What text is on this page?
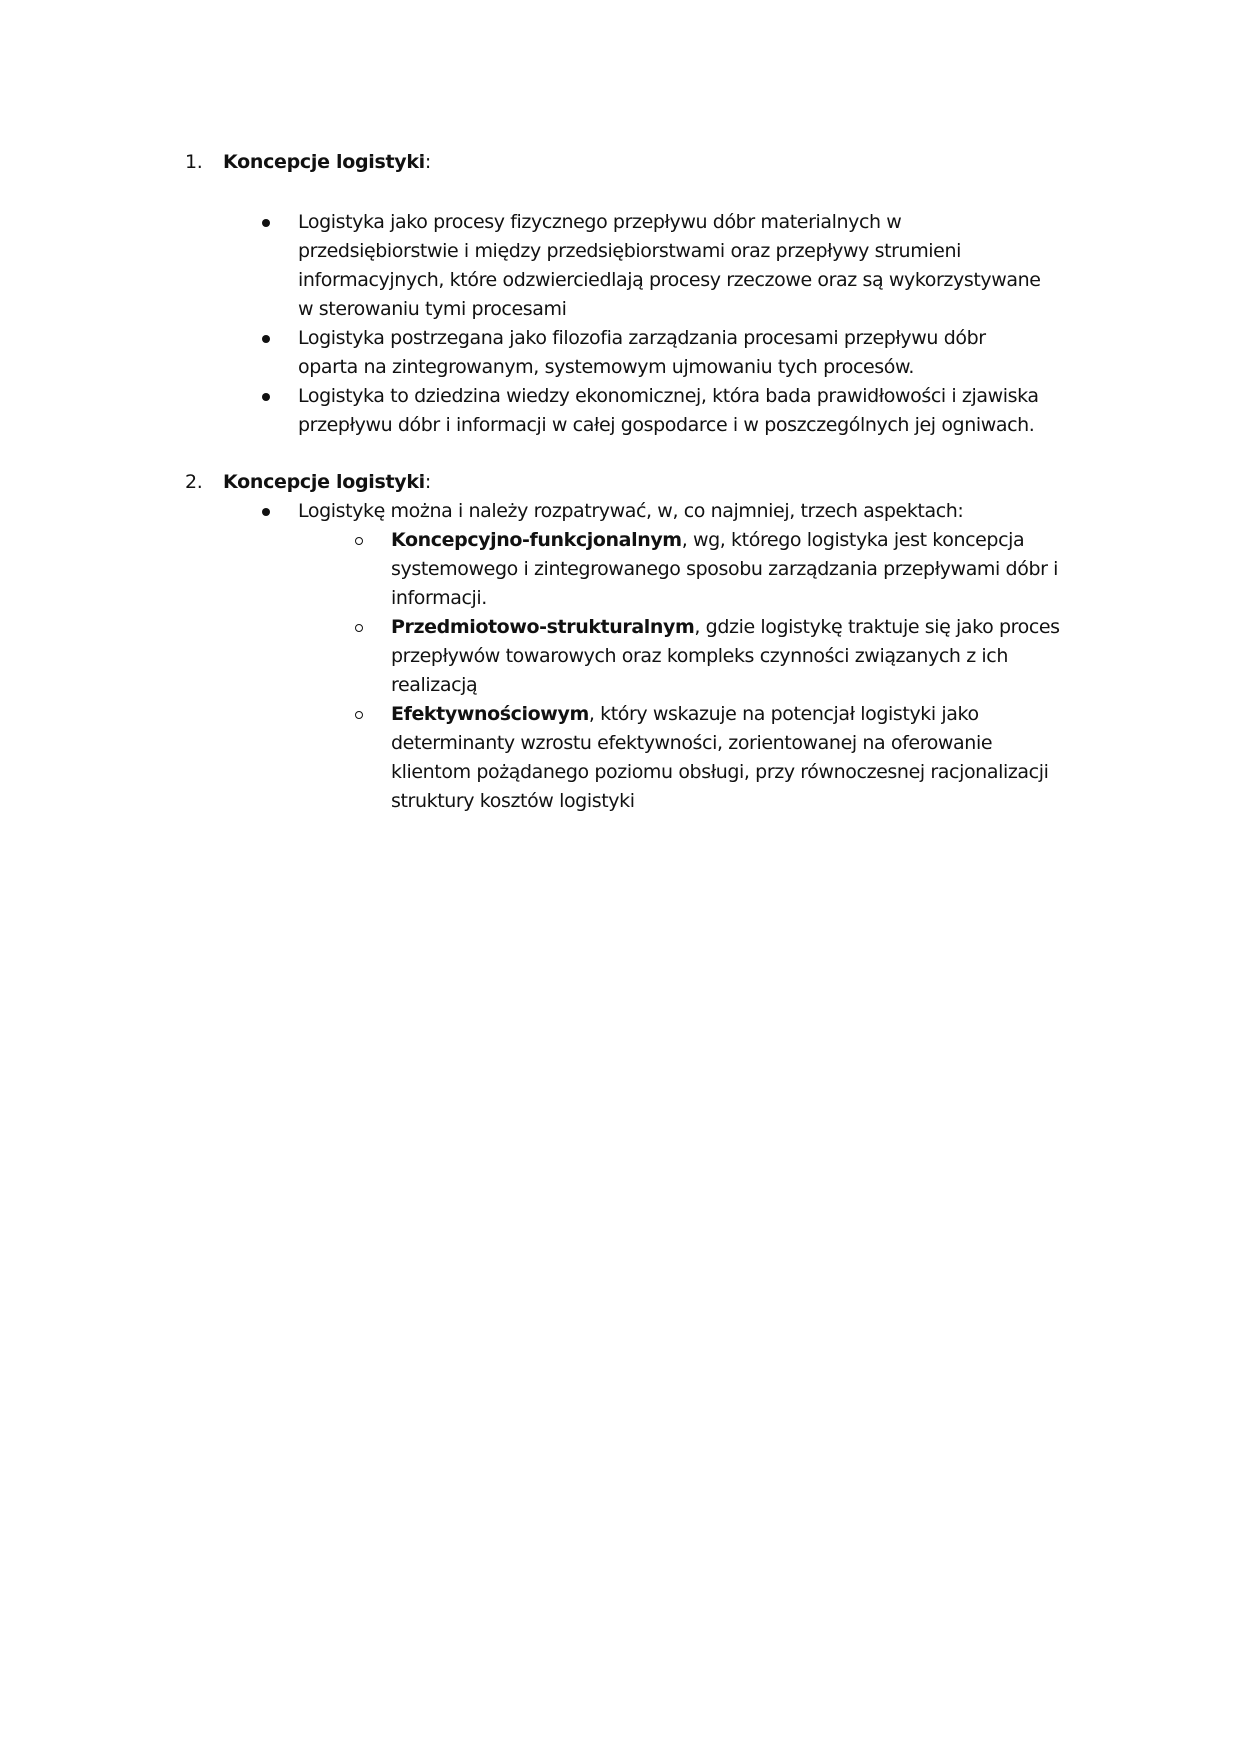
1. Koncepcje logistyki:
Logistyka jako procesy fizycznego przepływu dóbr materialnych w
przedsiębiorstwie i między przedsiębiorstwami oraz przepływy strumieni
informacyjnych, które odzwierciedlają procesy rzeczowe oraz są wykorzystywane
w sterowaniu tymi procesami
Logistyka postrzegana jako filozofia zarządzania procesami przepływu dóbr
oparta na zintegrowanym, systemowym ujmowaniu tych procesów.
Logistyka to dziedzina wiedzy ekonomicznej, która bada prawidłowości i zjawiska
przepływu dóbr i informacji w całej gospodarce i w poszczególnych jej ogniwach.
2. Koncepcje logistyki:
Logistykę można i należy rozpatrywać, w, co najmniej, trzech aspektach:
Koncepcyjno-funkcjonalnym, wg, którego logistyka jest koncepcja
systemowego i zintegrowanego sposobu zarządzania przepływami dóbr i
informacji.
Przedmiotowo-strukturalnym, gdzie logistykę traktuje się jako proces
przepływów towarowych oraz kompleks czynności związanych z ich
realizacją
Efektywnościowym, który wskazuje na potencjał logistyki jako
determinanty wzrostu efektywności, zorientowanej na oferowanie
klientom pożądanego poziomu obsługi, przy równoczesnej racjonalizacji
struktury kosztów logistyki
